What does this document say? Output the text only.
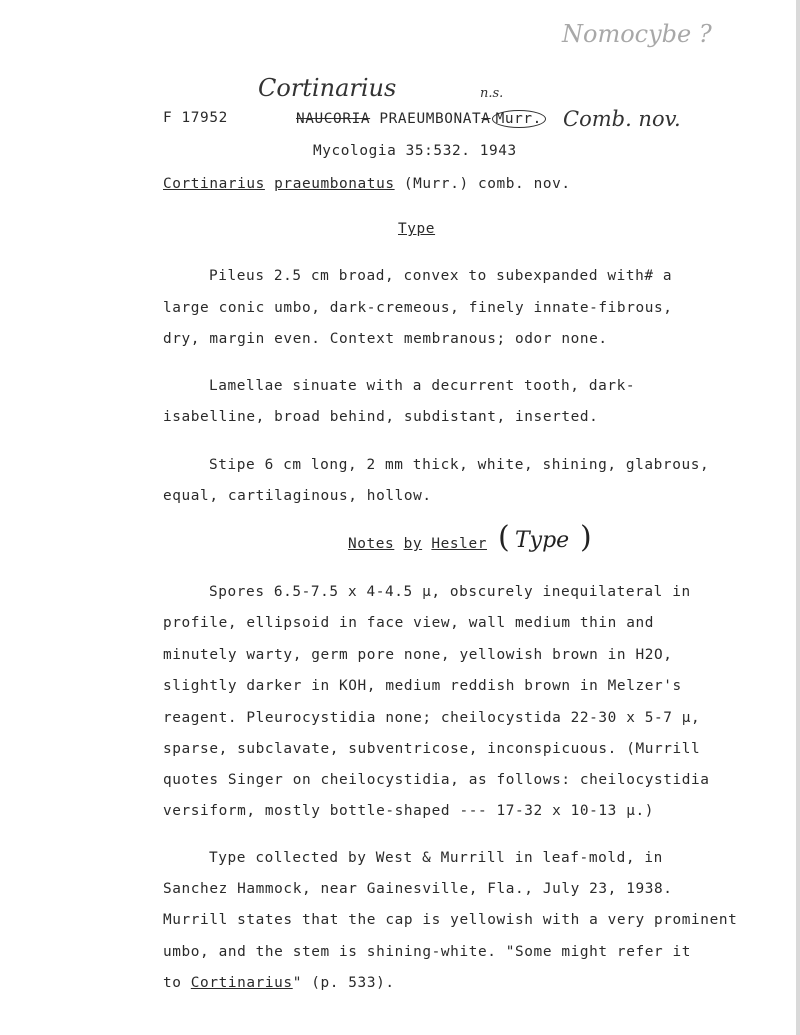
Nomocybe ?
Cortinarius	n.s.
Comb. nov.
F 17952	NAUCORIA PRAEUMBONATA Murr.
Mycologia 35:532. 1943
Cortinarius praeumbonatus (Murr.) comb. nov.
Type
Pileus 2.5 cm broad, convex to subexpanded with# a
large conic umbo, dark-cremeous, finely innate-fibrous,
dry, margin even. Context membranous; odor none.
Lamellae sinuate with a decurrent tooth, dark-
isabelline, broad behind, subdistant, inserted.
Stipe 6 cm long, 2 mm thick, white, shining, glabrous,
equal, cartilaginous, hollow.
Notes by Hesler ( Type )
Spores 6.5-7.5 x 4-4.5 µ, obscurely inequilateral in
profile, ellipsoid in face view, wall medium thin and
minutely warty, germ pore none, yellowish brown in H2O,
slightly darker in KOH, medium reddish brown in Melzer's
reagent. Pleurocystidia none; cheilocystida 22-30 x 5-7 µ,
sparse, subclavate, subventricose, inconspicuous. (Murrill
quotes Singer on cheilocystidia, as follows: cheilocystidia
versiform, mostly bottle-shaped --- 17-32 x 10-13 µ.)
Type collected by West & Murrill in leaf-mold, in
Sanchez Hammock, near Gainesville, Fla., July 23, 1938.
Murrill states that the cap is yellowish with a very prominent
umbo, and the stem is shining-white. "Some might refer it
to Cortinarius" (p. 533).
